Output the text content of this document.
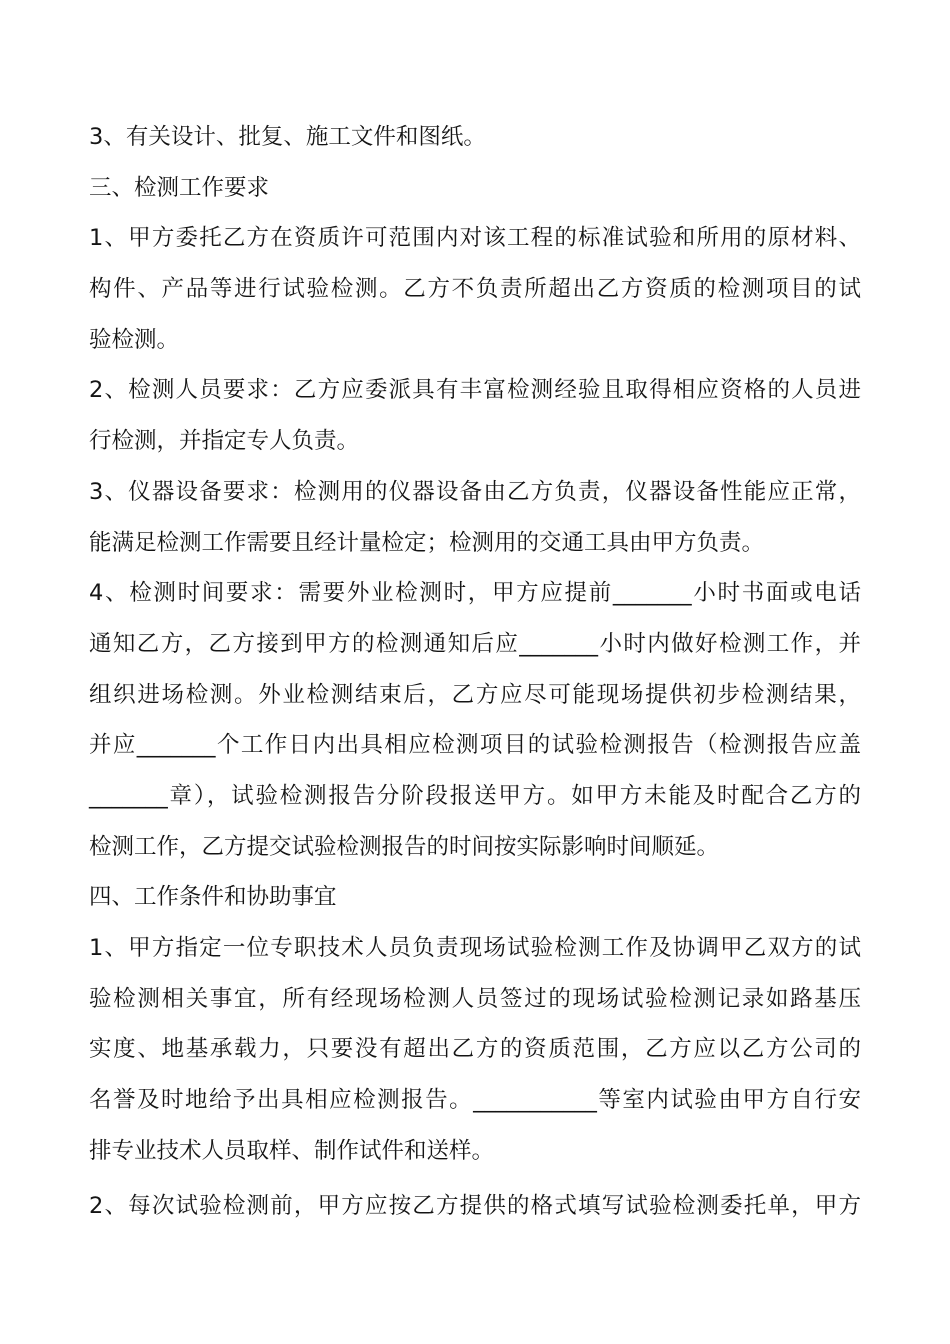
3、有关设计、批复、施工文件和图纸。
三、检测工作要求
1、甲方委托乙方在资质许可范围内对该工程的标准试验和所用的原材料、
构件、产品等进行试验检测。乙方不负责所超出乙方资质的检测项目的试
验检测。
2、检测人员要求：乙方应委派具有丰富检测经验且取得相应资格的人员进
行检测，并指定专人负责。
3、仪器设备要求：检测用的仪器设备由乙方负责，仪器设备性能应正常，
能满足检测工作需要且经计量检定；检测用的交通工具由甲方负责。
4、检测时间要求：需要外业检测时，甲方应提前_______小时书面或电话
通知乙方，乙方接到甲方的检测通知后应_______小时内做好检测工作，并
组织进场检测。外业检测结束后，乙方应尽可能现场提供初步检测结果，
并应_______个工作日内出具相应检测项目的试验检测报告（检测报告应盖
_______章），试验检测报告分阶段报送甲方。如甲方未能及时配合乙方的
检测工作，乙方提交试验检测报告的时间按实际影响时间顺延。
四、工作条件和协助事宜
1、甲方指定一位专职技术人员负责现场试验检测工作及协调甲乙双方的试
验检测相关事宜，所有经现场检测人员签过的现场试验检测记录如路基压
实度、地基承载力，只要没有超出乙方的资质范围，乙方应以乙方公司的
名誉及时地给予出具相应检测报告。___________等室内试验由甲方自行安
排专业技术人员取样、制作试件和送样。
2、每次试验检测前，甲方应按乙方提供的格式填写试验检测委托单，甲方
